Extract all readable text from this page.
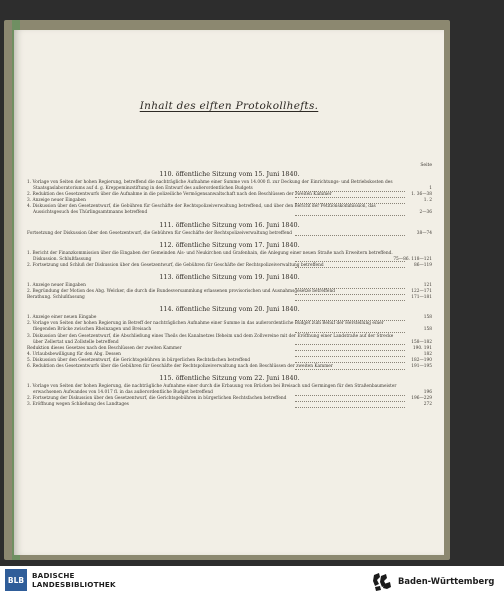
Inhalt des elften Protokollhefts.
Seite
110. öffentliche Sitzung vom 15. Juni 1840.
1. Vorlage von Seiten der hohen Regierung, betreffend die nachträgliche Aufnahme einer Summe von 14.000 fl. zur Deckung der Einrichtungs- und Betriebskosten des Staatsgaslaboratoriums auf d. g. Kreppeminzstiftung in den Entwurf des außerordentlichen Budgets	1
2. Reduktion des Gesetzentwurfs über die Aufnahme in die polizeiliche Vermögensanwaltschaft nach den Beschlüssen der zweiten Kammer	1. 36—38
3. Anzeige neuer Eingaben	1. 2
4. Diskussion über den Gesetzentwurf, die Gebühren für Geschäfte der Rechtspolizeiverwaltung betreffend, und über den Bericht der Petitionskommission, das Aussichtsgesuch des Thürlingsamtmanns betreffend	2—36
111. öffentliche Sitzung vom 16. Juni 1840.
Fortsetzung der Diskussion über den Gesetzentwurf, die Gebühren für Geschäfte der Rechtspolizeiverwaltung betreffend	38—74
112. öffentliche Sitzung vom 17. Juni 1840.
1. Bericht der Finanzkommission über die Eingaben der Gemeinden Als- und Neukirchen und Grafenhain, die Anlegung einer neuen Straße nach Erweitern betreffend. Diskussion. Schlußfassung	75—86. 118—121
2. Fortsetzung und Schluß der Diskussion über den Gesetzentwurf, die Gebühren für Geschäfte der Rechtspolizeiverwaltung betreffend	86—119
113. öffentliche Sitzung vom 19. Juni 1840.
1. Anzeige neuer Eingaben	121
2. Begründung der Motion des Abg. Welcker, die durch die Bundesversammlung erlassenen provisorischen und Ausnahmsgesetze betreffend	122—171
Berathung. Schlußfassung	171—181
114. öffentliche Sitzung vom 20. Juni 1840.
1. Anzeige einer neuen Eingabe	158
2. Vorlage von Seiten der hohen Regierung in Betreff der nachträglichen Aufnahme einer Summe in das außerordentliche Budget zum Behuf der Herstellung einer fliegenden Brücke zwischen Rheinzagen und Breisach	158
3. Diskussion über den Gesetzentwurf, die Abschließung eines Theils des Kanalnetzes Ifeheim und dem Zollvereine mit der Eröffnung einer Landstraße auf der Strecke über Zellertat und Zollstelle betreffend	158—182
Reduktion dieses Gesetzes nach den Beschlüssen der zweiten Kammer	190. 191
4. Urlaubsbewilligung für den Abg. Dessen	182
5. Diskussion über den Gesetzentwurf, die Gerichtsgebühren in bürgerlichen Rechtsfachen betreffend	182—190
6. Reduktion des Gesetzentwurfs über die Gebühren für Geschäfte der Rechtspolizeiverwaltung nach den Beschlüssen der zweiten Kammer	191—195
115. öffentliche Sitzung vom 22. Juni 1840.
1. Vorlage von Seiten der hohen Regierung, die nachträgliche Aufnahme einer durch die Erbauung von Brücken bei Breisach und Germingen für den Straßenbaumeister erwachsenen Aufwandes von 14.017 fl. in das außerordentliche Budget betreffend	196
2. Fortsetzung der Diskussion über den Gesetzentwurf, die Gerichtsgebühren in bürgerlichen Rechtsfachen betreffend	196—229
3. Eröffnung wegen Schließung des Landtages	272
BLB BADISCHE
LANDESBIBLIOTHEK	Baden-Württemberg
